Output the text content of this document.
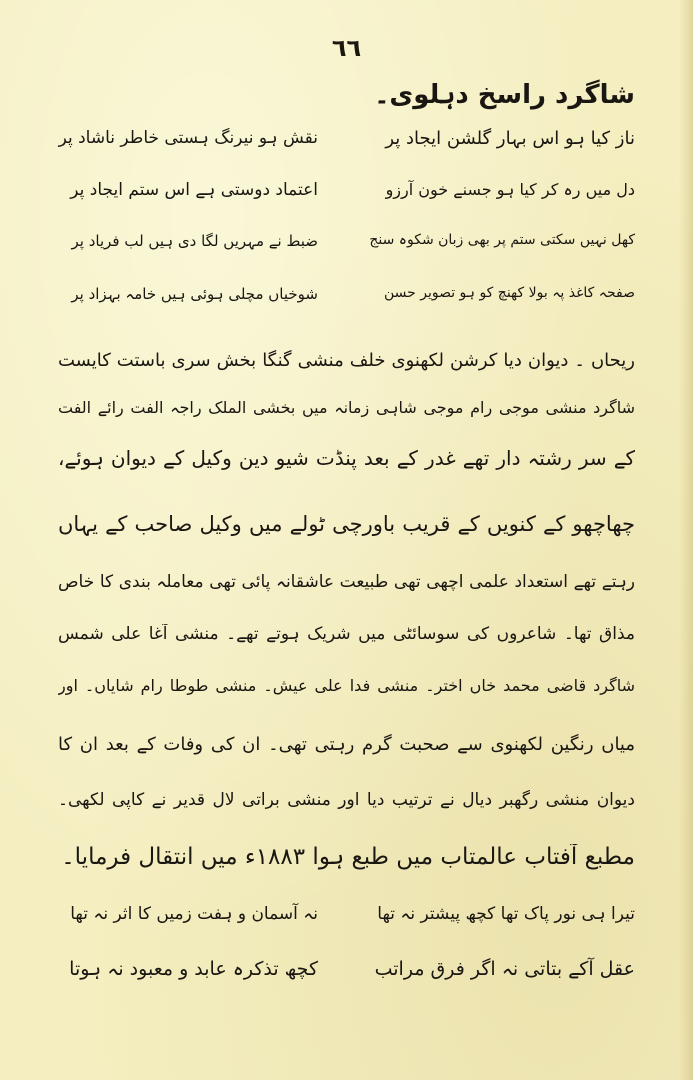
٦٦
شاگرد راسخ دہلوی۔
ناز کیا ہو اس بہار گلشن ایجاد پر
نقش ہو نیرنگ ہستی خاطر ناشاد پر
دل میں رہ کر کیا ہو جسنے خون آرزو
اعتماد دوستی ہے اس ستم ایجاد پر
کھل نہیں سکتی ستم پر بھی زبان شکوہ سنج
ضبط نے مہریں لگا دی ہیں لب فریاد پر
صفحہ کاغذ پہ بولا کھنچ کو ہو تصویر حسن
شوخیاں مچلی ہوئی ہیں خامہ بہزاد پر
ریحاں ۔ دیوان دیا کرشن لکھنوی خلف منشی گنگا بخش سری باستت کایست
شاگرد منشی موجی رام موجی شاہی زمانہ میں بخشی الملک راجہ الفت رائے الفت
کے سر رشتہ دار تھے غدر کے بعد پنڈت شیو دین وکیل کے دیوان ہوئے،
چھاچھو کے کنویں کے قریب باورچی ٹولے میں وکیل صاحب کے یہاں
رہتے تھے استعداد علمی اچھی تھی طبیعت عاشقانہ پائی تھی معاملہ بندی کا خاص
مذاق تھا۔ شاعروں کی سوسائٹی میں شریک ہوتے تھے۔ منشی آغا علی شمس
شاگرد قاضی محمد خاں اختر۔ منشی فدا علی عیش۔ منشی طوطا رام شایاں۔ اور
میاں رنگین لکھنوی سے صحبت گرم رہتی تھی۔ ان کی وفات کے بعد ان کا
دیوان منشی رگھبر دیال نے ترتیب دیا اور منشی براتی لال قدیر نے کاپی لکھی۔
مطبع آفتاب عالمتاب میں طبع ہوا ۱۸۸۳ء میں انتقال فرمایا۔
تیرا ہی نور پاک تھا کچھ پیشتر نہ تھا
نہ آسمان و ہفت زمیں کا اثر نہ تھا
عقل آکے بتاتی نہ اگر فرق مراتب
کچھ تذکرہ عابد و معبود نہ ہوتا
